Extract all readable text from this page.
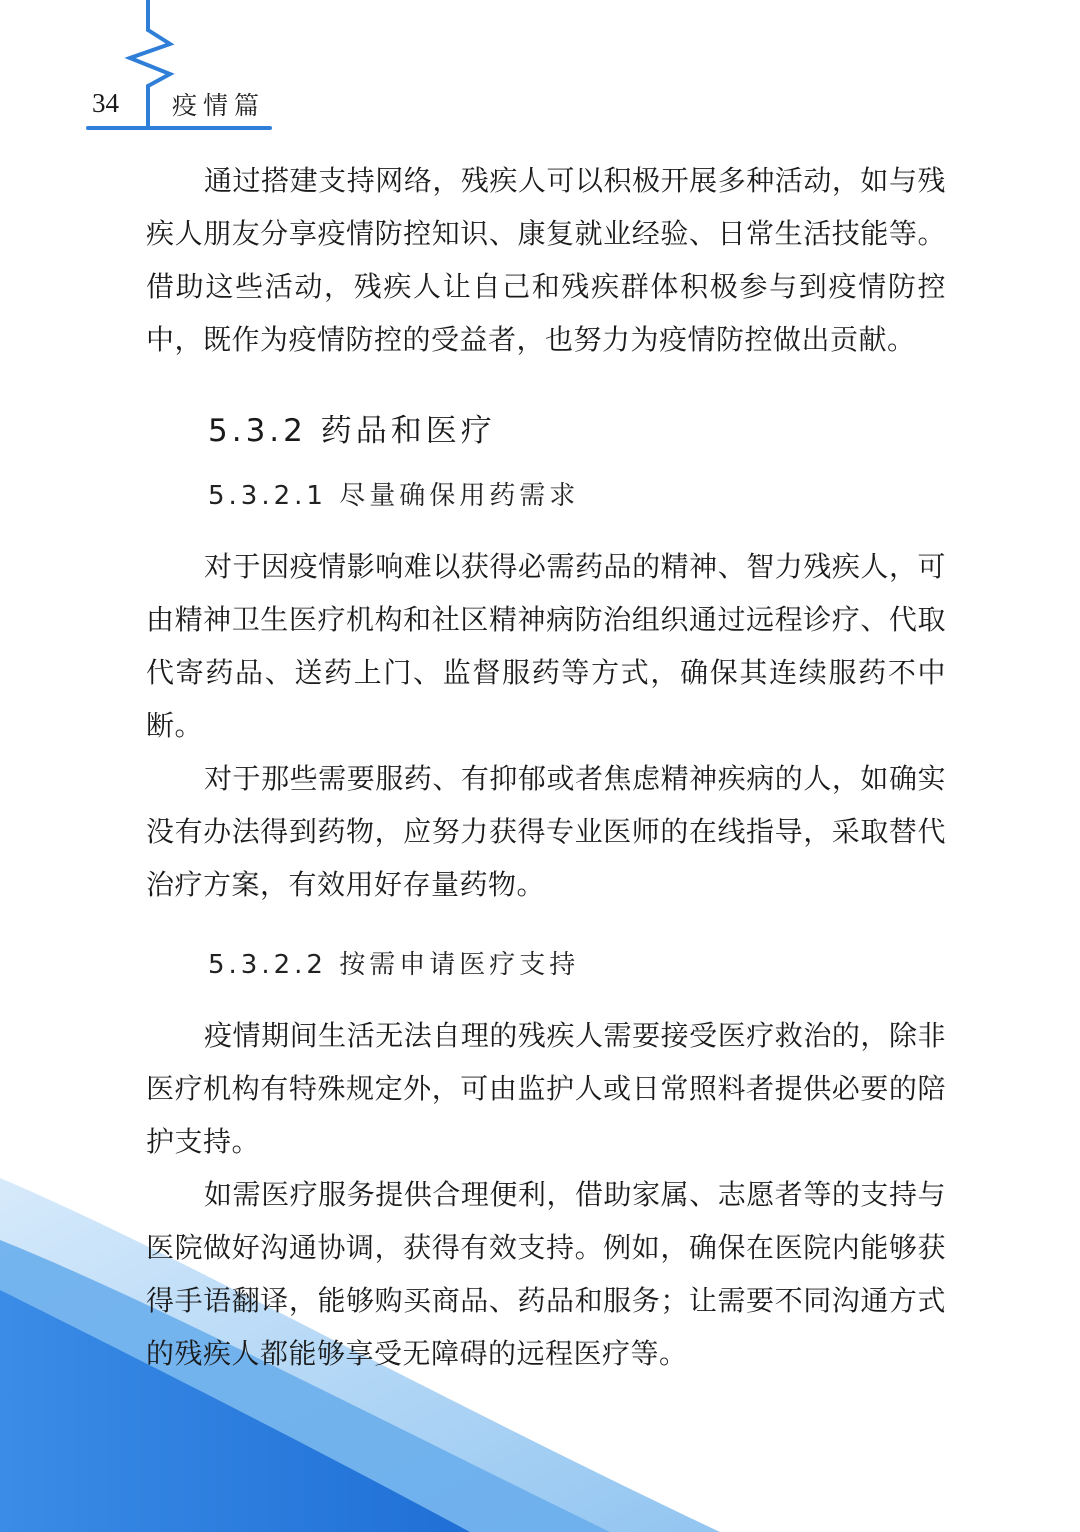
34 疫情篇

通过搭建支持网络，残疾人可以积极开展多种活动，如与残疾人朋友分享疫情防控知识、康复就业经验、日常生活技能等。借助这些活动，残疾人让自己和残疾群体积极参与到疫情防控中，既作为疫情防控的受益者，也努力为疫情防控做出贡献。

5.3.2 药品和医疗
5.3.2.1 尽量确保用药需求

对于因疫情影响难以获得必需药品的精神、智力残疾人，可由精神卫生医疗机构和社区精神病防治组织通过远程诊疗、代取代寄药品、送药上门、监督服药等方式，确保其连续服药不中断。

对于那些需要服药、有抑郁或者焦虑精神疾病的人，如确实没有办法得到药物，应努力获得专业医师的在线指导，采取替代治疗方案，有效用好存量药物。

5.3.2.2 按需申请医疗支持

疫情期间生活无法自理的残疾人需要接受医疗救治的，除非医疗机构有特殊规定外，可由监护人或日常照料者提供必要的陪护支持。

如需医疗服务提供合理便利，借助家属、志愿者等的支持与医院做好沟通协调，获得有效支持。例如，确保在医院内能够获得手语翻译，能够购买商品、药品和服务；让需要不同沟通方式的残疾人都能够享受无障碍的远程医疗等。
